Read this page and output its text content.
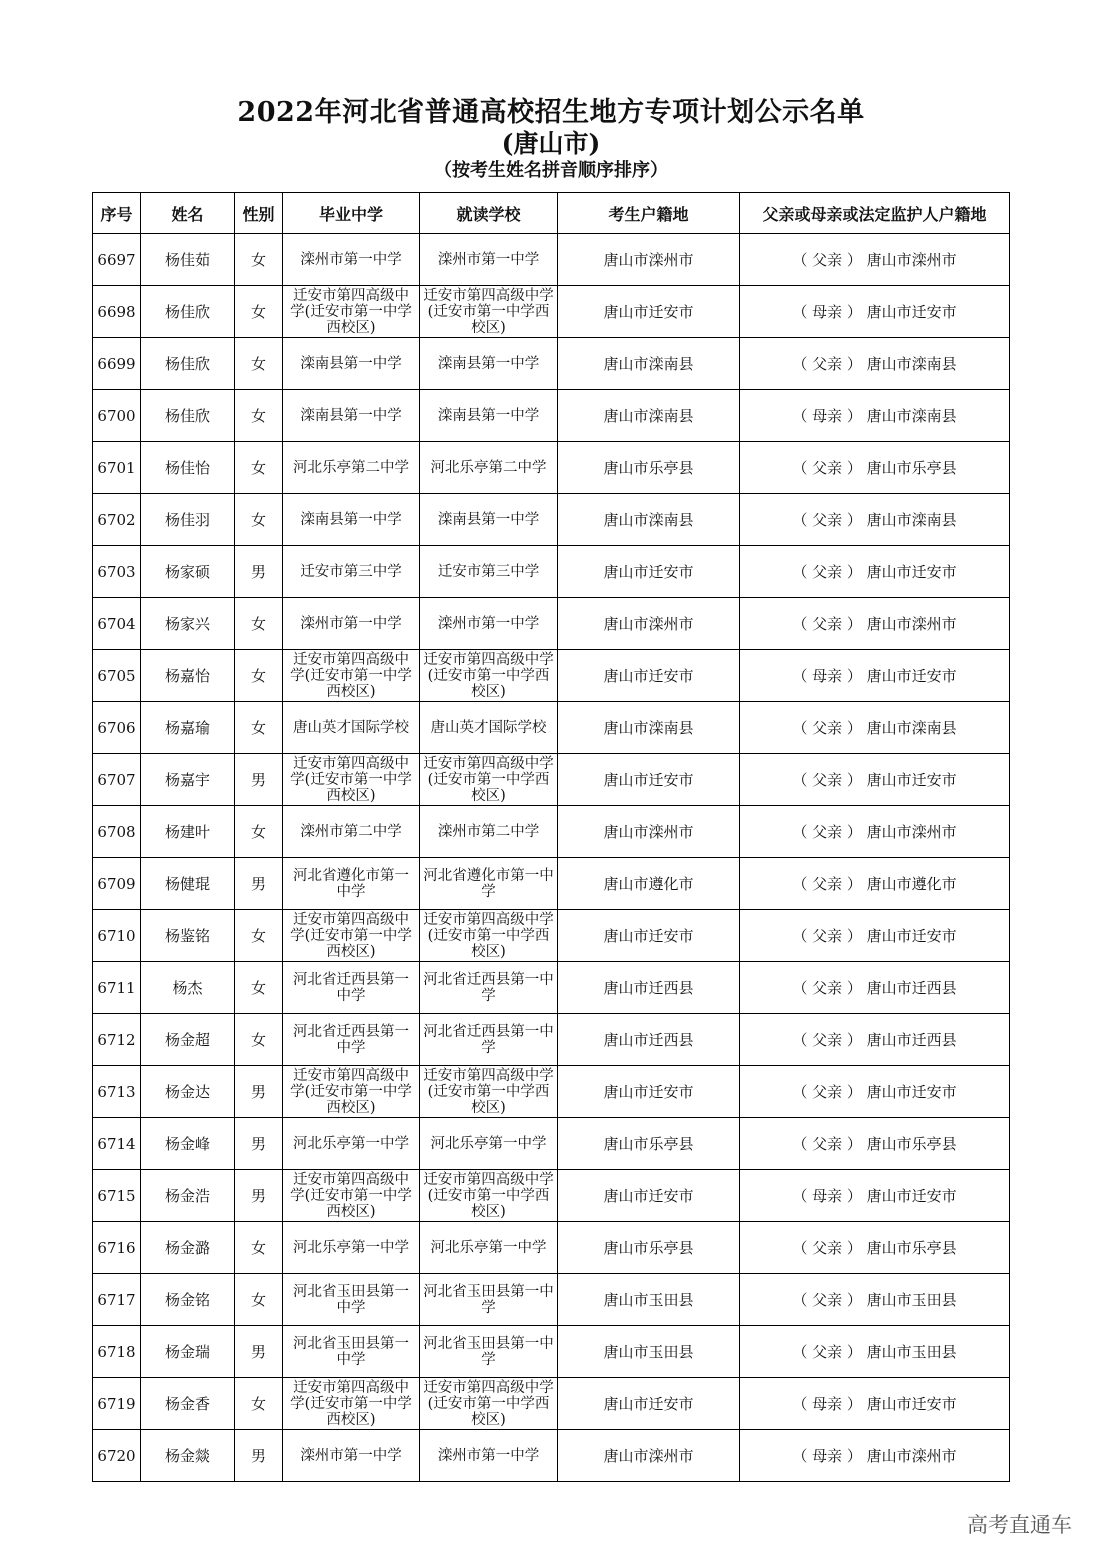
2022年河北省普通高校招生地方专项计划公示名单
(唐山市)
（按考生姓名拼音顺序排序）
序号	姓名	性别	毕业中学	就读学校	考生户籍地	父亲或母亲或法定监护人户籍地
6697	杨佳茹	女	滦州市第一中学	滦州市第一中学	唐山市滦州市	（ 父亲 ） 唐山市滦州市
6698	杨佳欣	女	迁安市第四高级中学(迁安市第一中学西校区)	迁安市第四高级中学(迁安市第一中学西校区)	唐山市迁安市	（ 母亲 ） 唐山市迁安市
6699	杨佳欣	女	滦南县第一中学	滦南县第一中学	唐山市滦南县	（ 父亲 ） 唐山市滦南县
6700	杨佳欣	女	滦南县第一中学	滦南县第一中学	唐山市滦南县	（ 母亲 ） 唐山市滦南县
6701	杨佳怡	女	河北乐亭第二中学	河北乐亭第二中学	唐山市乐亭县	（ 父亲 ） 唐山市乐亭县
6702	杨佳羽	女	滦南县第一中学	滦南县第一中学	唐山市滦南县	（ 父亲 ） 唐山市滦南县
6703	杨家硕	男	迁安市第三中学	迁安市第三中学	唐山市迁安市	（ 父亲 ） 唐山市迁安市
6704	杨家兴	女	滦州市第一中学	滦州市第一中学	唐山市滦州市	（ 父亲 ） 唐山市滦州市
6705	杨嘉怡	女	迁安市第四高级中学(迁安市第一中学西校区)	迁安市第四高级中学(迁安市第一中学西校区)	唐山市迁安市	（ 母亲 ） 唐山市迁安市
6706	杨嘉瑜	女	唐山英才国际学校	唐山英才国际学校	唐山市滦南县	（ 父亲 ） 唐山市滦南县
6707	杨嘉宇	男	迁安市第四高级中学(迁安市第一中学西校区)	迁安市第四高级中学(迁安市第一中学西校区)	唐山市迁安市	（ 父亲 ） 唐山市迁安市
6708	杨建叶	女	滦州市第二中学	滦州市第二中学	唐山市滦州市	（ 父亲 ） 唐山市滦州市
6709	杨健琨	男	河北省遵化市第一中学	河北省遵化市第一中学	唐山市遵化市	（ 父亲 ） 唐山市遵化市
6710	杨鉴铭	女	迁安市第四高级中学(迁安市第一中学西校区)	迁安市第四高级中学(迁安市第一中学西校区)	唐山市迁安市	（ 父亲 ） 唐山市迁安市
6711	杨杰	女	河北省迁西县第一中学	河北省迁西县第一中学	唐山市迁西县	（ 父亲 ） 唐山市迁西县
6712	杨金超	女	河北省迁西县第一中学	河北省迁西县第一中学	唐山市迁西县	（ 父亲 ） 唐山市迁西县
6713	杨金达	男	迁安市第四高级中学(迁安市第一中学西校区)	迁安市第四高级中学(迁安市第一中学西校区)	唐山市迁安市	（ 父亲 ） 唐山市迁安市
6714	杨金峰	男	河北乐亭第一中学	河北乐亭第一中学	唐山市乐亭县	（ 父亲 ） 唐山市乐亭县
6715	杨金浩	男	迁安市第四高级中学(迁安市第一中学西校区)	迁安市第四高级中学(迁安市第一中学西校区)	唐山市迁安市	（ 母亲 ） 唐山市迁安市
6716	杨金潞	女	河北乐亭第一中学	河北乐亭第一中学	唐山市乐亭县	（ 父亲 ） 唐山市乐亭县
6717	杨金铭	女	河北省玉田县第一中学	河北省玉田县第一中学	唐山市玉田县	（ 父亲 ） 唐山市玉田县
6718	杨金瑞	男	河北省玉田县第一中学	河北省玉田县第一中学	唐山市玉田县	（ 父亲 ） 唐山市玉田县
6719	杨金香	女	迁安市第四高级中学(迁安市第一中学西校区)	迁安市第四高级中学(迁安市第一中学西校区)	唐山市迁安市	（ 母亲 ） 唐山市迁安市
6720	杨金燚	男	滦州市第一中学	滦州市第一中学	唐山市滦州市	（ 母亲 ） 唐山市滦州市
高考直通车
